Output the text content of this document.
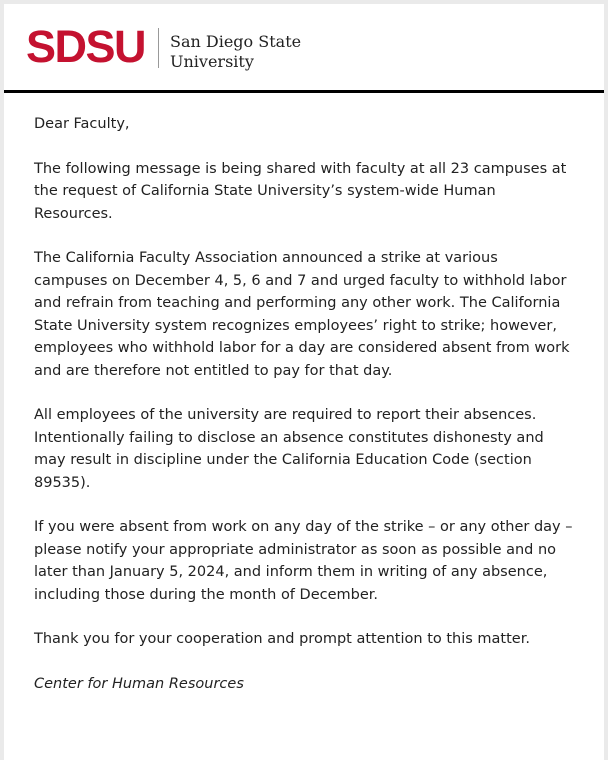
SDSU San Diego State
University

Dear Faculty,

The following message is being shared with faculty at all 23 campuses at the request of California State University’s system-wide Human Resources.

The California Faculty Association announced a strike at various campuses on December 4, 5, 6 and 7 and urged faculty to withhold labor and refrain from teaching and performing any other work. The California State University system recognizes employees’ right to strike; however, employees who withhold labor for a day are considered absent from work and are therefore not entitled to pay for that day.

All employees of the university are required to report their absences. Intentionally failing to disclose an absence constitutes dishonesty and may result in discipline under the California Education Code (section 89535).

If you were absent from work on any day of the strike – or any other day – please notify your appropriate administrator as soon as possible and no later than January 5, 2024, and inform them in writing of any absence, including those during the month of December.

Thank you for your cooperation and prompt attention to this matter.

Center for Human Resources
